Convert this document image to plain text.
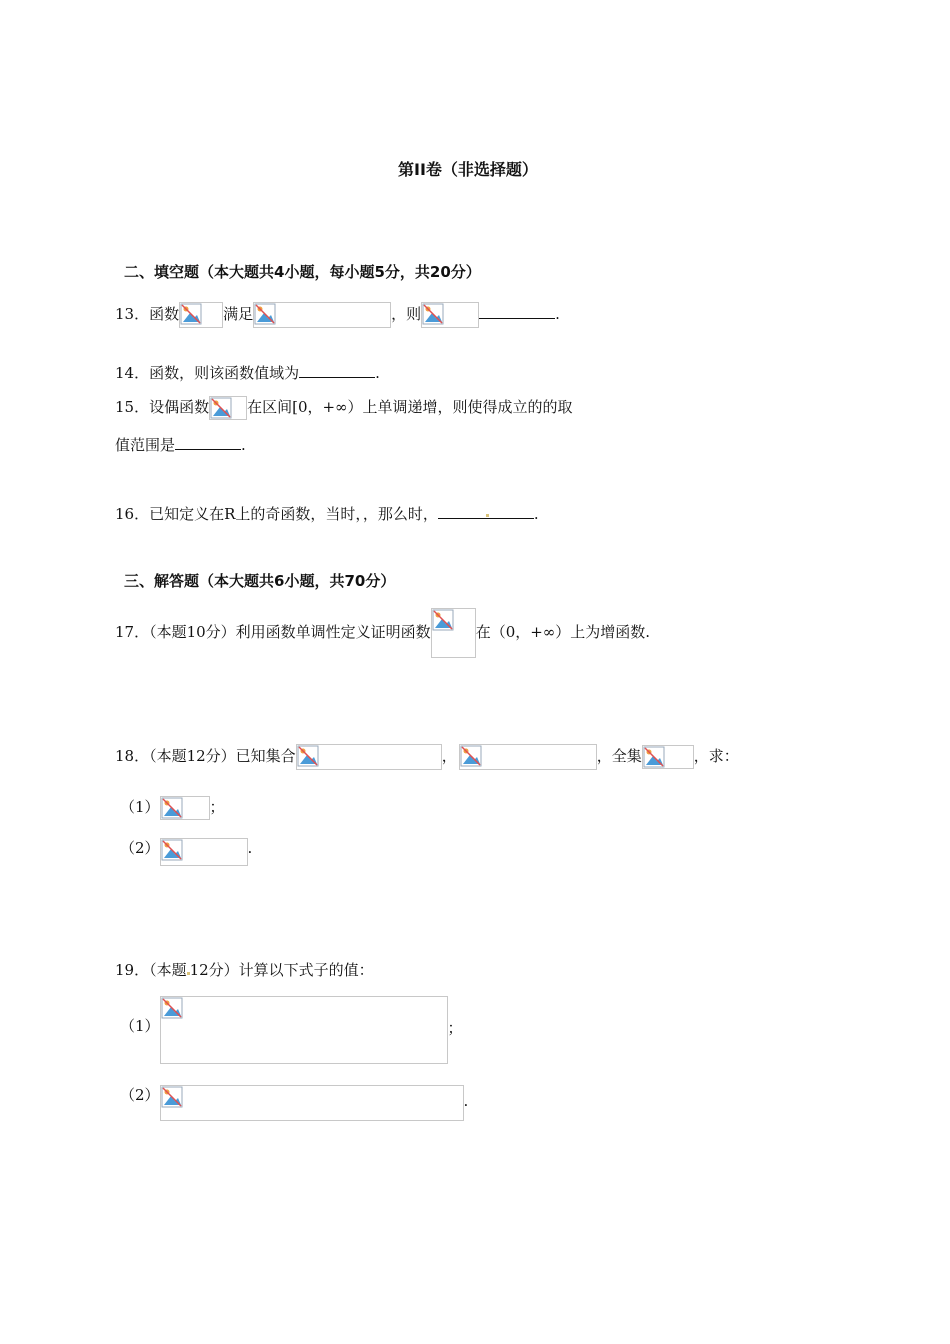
第II卷（非选择题）
二、填空题（本大题共4小题，每小题5分，共20分）
13．函数	满足	，则	.
14．函数，则该函数值域为	.
15．设偶函数	在区间[0，+∞）上单调递增，则使得成立的的取
值范围是	.
16．已知定义在R上的奇函数，当时，，那么时，	.
三、解答题（本大题共6小题，共70分）
17．（本题10分）利用函数单调性定义证明函数	在（0，+∞）上为增函数.
18．（本题12分）已知集合	，	，全集	，求：
（1）	；
（2）	.
19．（本题 12分）计算以下式子的值：
（1）	；
（2）	.
